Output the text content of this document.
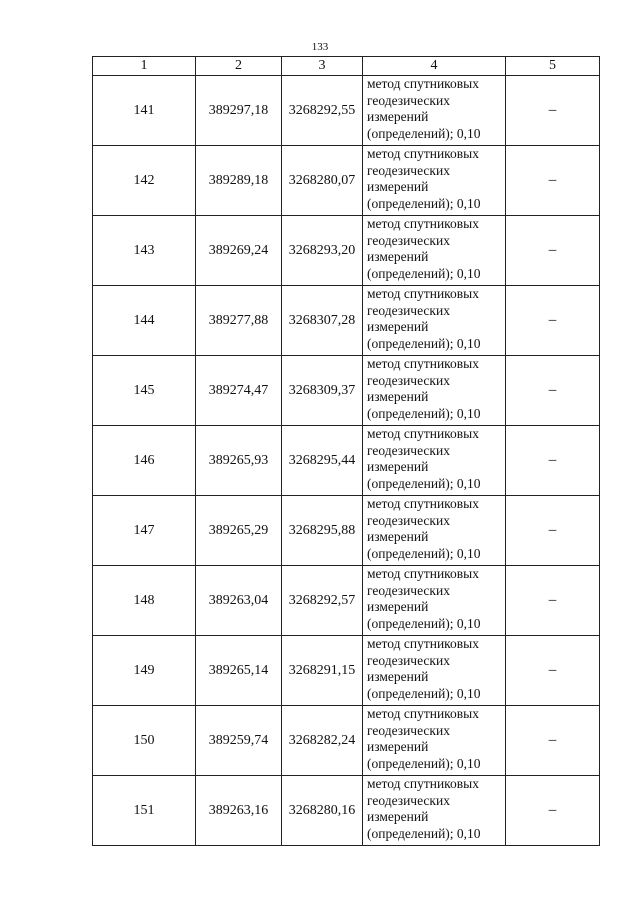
133
1	2	3	4	5
141	389297,18	3268292,55	метод спутниковых
геодезических
измерений
(определений); 0,10	–
142	389289,18	3268280,07	метод спутниковых
геодезических
измерений
(определений); 0,10	–
143	389269,24	3268293,20	метод спутниковых
геодезических
измерений
(определений); 0,10	–
144	389277,88	3268307,28	метод спутниковых
геодезических
измерений
(определений); 0,10	–
145	389274,47	3268309,37	метод спутниковых
геодезических
измерений
(определений); 0,10	–
146	389265,93	3268295,44	метод спутниковых
геодезических
измерений
(определений); 0,10	–
147	389265,29	3268295,88	метод спутниковых
геодезических
измерений
(определений); 0,10	–
148	389263,04	3268292,57	метод спутниковых
геодезических
измерений
(определений); 0,10	–
149	389265,14	3268291,15	метод спутниковых
геодезических
измерений
(определений); 0,10	–
150	389259,74	3268282,24	метод спутниковых
геодезических
измерений
(определений); 0,10	–
151	389263,16	3268280,16	метод спутниковых
геодезических
измерений
(определений); 0,10	–
